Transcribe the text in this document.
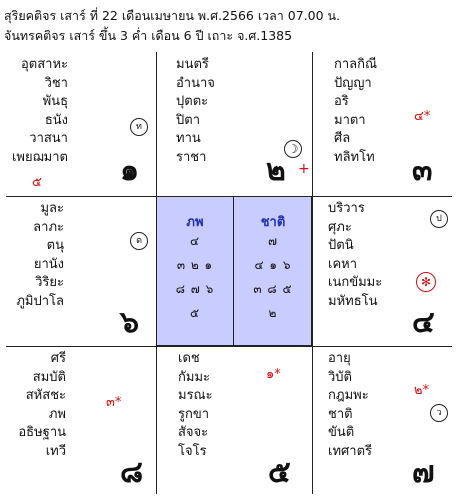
สุริยคติจร เสาร์ ที่ 22 เดือนเมษายน พ.ศ.2566 เวลา 07.00 น.
จันทรคติจร เสาร์ ขึ้น 3 ค่ำ เดือน 6 ปี เถาะ จ.ศ.1385
อุตสาหะ
วิชา
พันธุ
ธนัง
วาสนา
เพยฌมาต
ท
๕	๑
มนตรี
อำนาจ
ปุตตะ
ปิตา
ทาน
ราชา
☽
๒ +
กาลกิณี
ปัญญา
อริ
มาตา
ศีล
ทลิทโท
๔*
๓
มูละ
ลาภะ
ตนุ
ยานัง
วิริยะ
ภูมิปาโล
ต
๖
ภพ
๔
๓ ๒ ๑
๘ ๗ ๖
๕
ชาติ
๗
๔ ๑ ๖
๓ ๘ ๕
๒
บริวาร
ศุภะ
ปัตนิ
เคหา
เนกขัมมะ
มหัทธโน
ป
✻
๔
ศรี
สมบัติ
สหัสชะ
ภพ
อธิษฐาน
เทวี
๓*
๘
เดช
กัมมะ
มรณะ
รูกขา
สัจจะ
โจโร
๑*
๕
อายุ
วิบัติ
กฎมพะ
ชาติ
ขันติ
เทศาตรี
๒*
ว
๗
